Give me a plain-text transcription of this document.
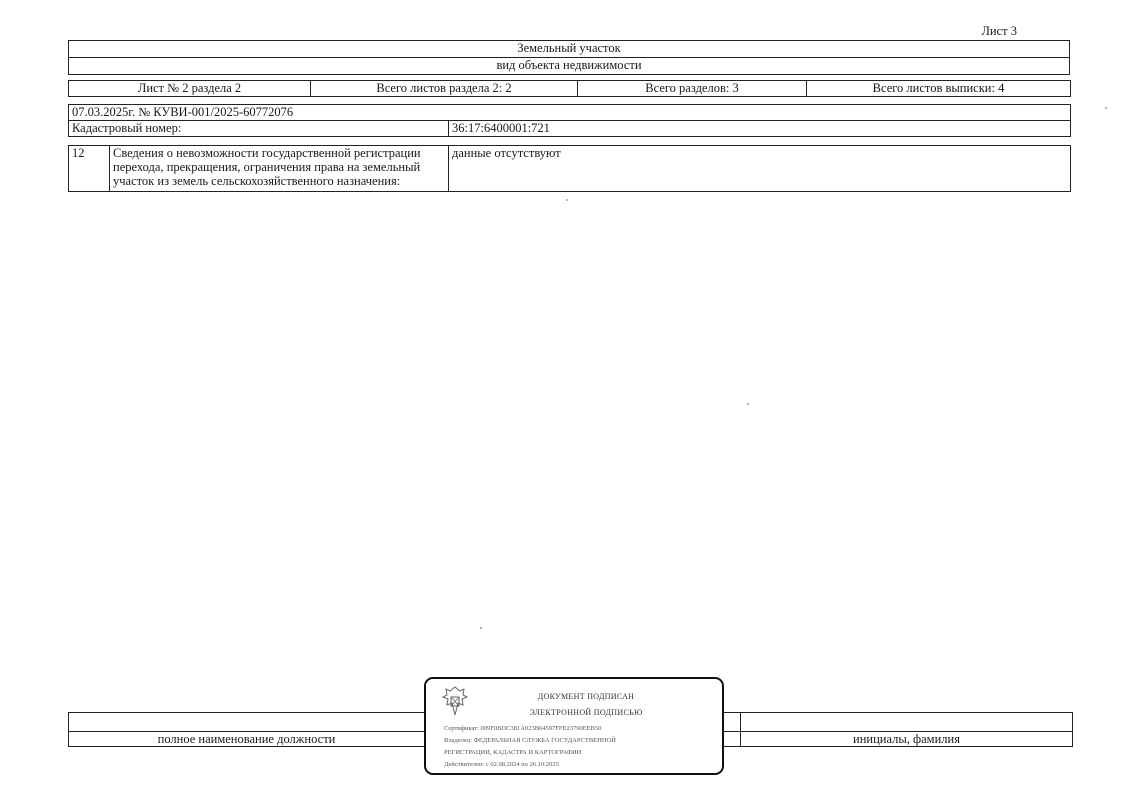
Лист 3
Земельный участок
вид объекта недвижимости
Лист № 2 раздела 2	Всего листов раздела 2: 2	Всего разделов: 3	Всего листов выписки: 4
07.03.2025г. № КУВИ-001/2025-60772076
Кадастровый номер:	36:17:6400001:721
12	Сведения о невозможности государственной регистрации перехода, прекращения, ограничения права на земельный участок из земель сельскохозяйственного назначения:	данные отсутствуют

полное наименование должности		инициалы, фамилия
ДОКУМЕНТ ПОДПИСАН
ЭЛЕКТРОННОЙ ПОДПИСЬЮ
Сертификат: 009F0BDC381A023B64597FFE23790EEB50
Владелец: ФЕДЕРАЛЬНАЯ СЛУЖБА ГОСУДАРСТВЕННОЙ
РЕГИСТРАЦИИ, КАДАСТРА И КАРТОГРАФИИ
Действителен: с 02.08.2024 по 26.10.2025
